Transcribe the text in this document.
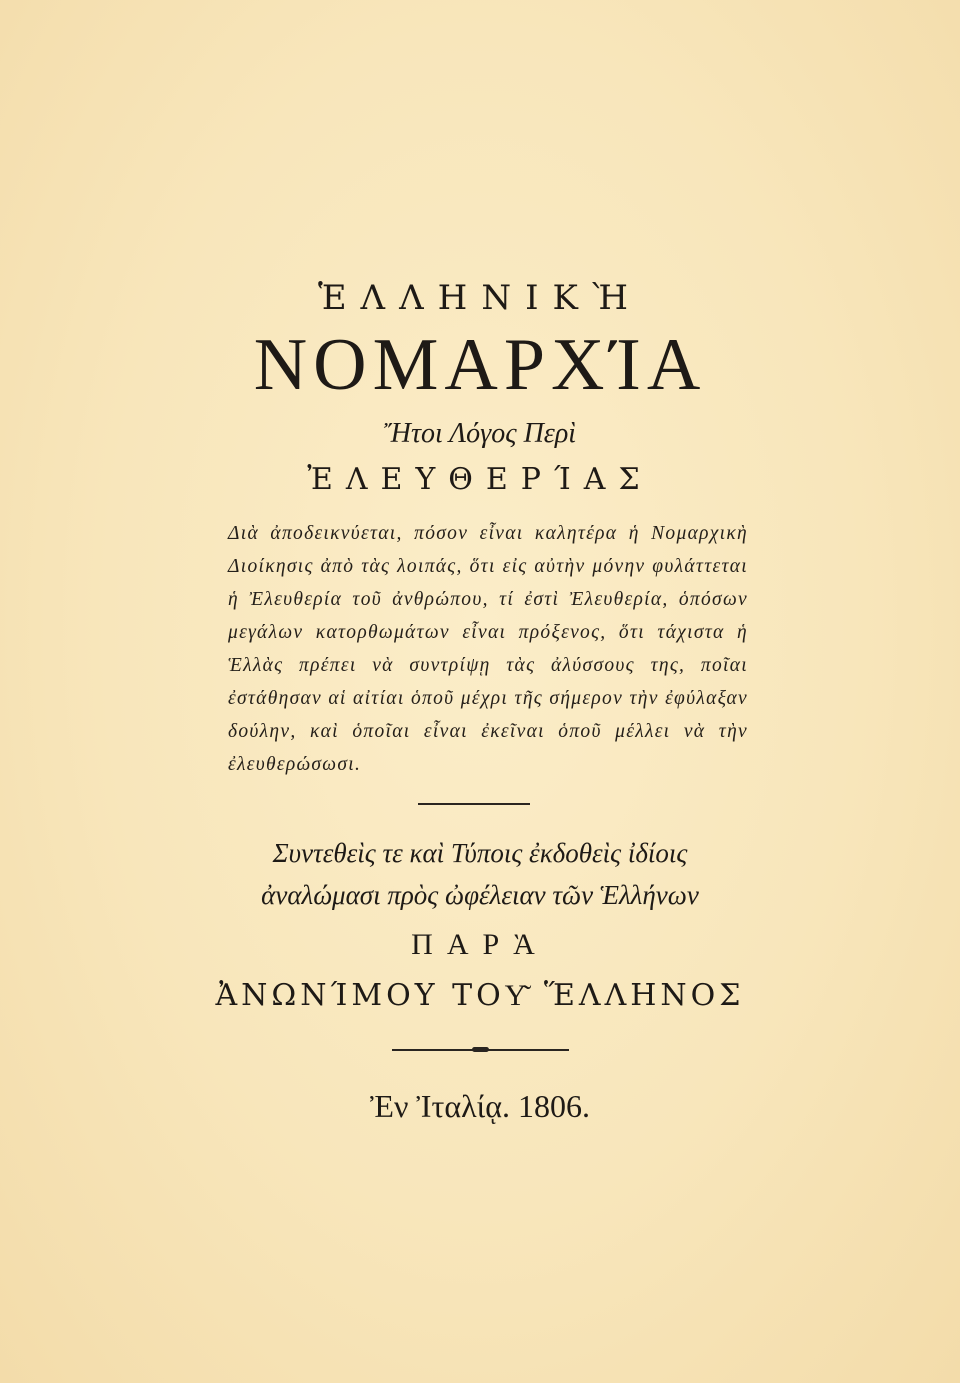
ἙΛΛΗΝΙΚῊ
ΝΟΜΑΡΧΊΑ
Ἤτοι Λόγος Περὶ
ἘΛΕΥΘΕΡΊΑΣ
Διὰ ἀποδεικνύεται, πόσον εἶναι καλητέρα ἡ Νομαρχικὴ Διοίκησις ἀπὸ τὰς λοιπάς, ὅτι εἰς αὐτὴν μόνην φυλάττεται ἡ Ἐλευθερία τοῦ ἀνθρώπου, τί ἐστὶ Ἐλευθερία, ὁπόσων μεγάλων κατορθωμάτων εἶναι πρόξενος, ὅτι τάχιστα ἡ Ἑλλὰς πρέπει νὰ συντρίψῃ τὰς ἀλύσσους της, ποῖαι ἐστάθησαν αἱ αἰτίαι ὁποῦ μέχρι τῆς σήμερον τὴν ἐφύλαξαν δούλην, καὶ ὁποῖαι εἶναι ἐκεῖναι ὁποῦ μέλλει νὰ τὴν ἐλευθερώσωσι.
Συντεθεὶς τε καὶ Τύποις ἐκδοθεὶς ἰδίοις
ἀναλώμασι πρὸς ὠφέλειαν τῶν Ἑλλήνων
ΠΑΡᾺ
ἈΝΩΝΊΜΟΥ ΤΟΥ͂ ἝΛΛΗΝΟΣ
Ἐν Ἰταλίᾳ. 1806.
